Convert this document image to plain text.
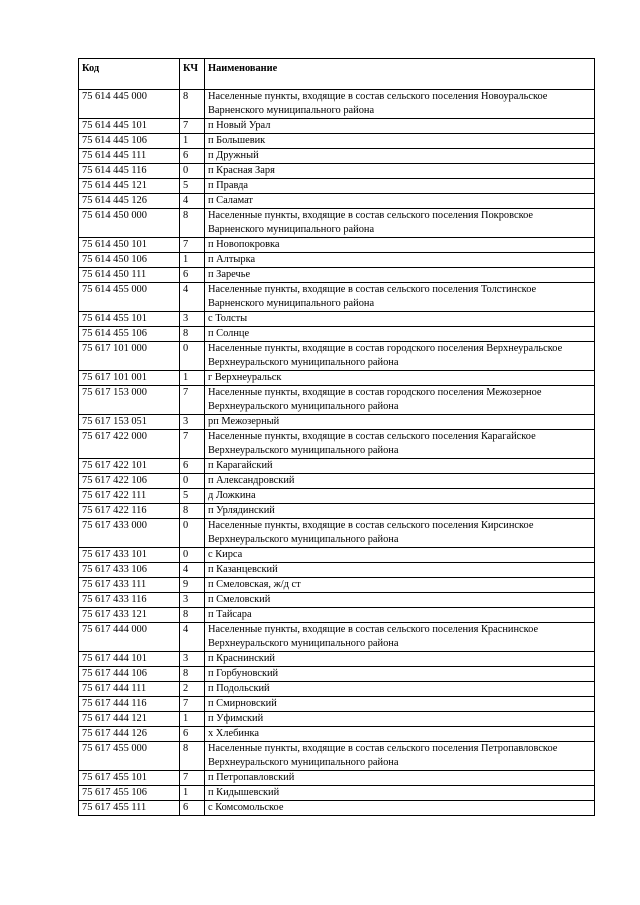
Код	КЧ	Наименование
75 614 445 000	8	Населенные пункты, входящие в состав сельского поселения Новоуральское Варненского муниципального района
75 614 445 101	7	п Новый Урал
75 614 445 106	1	п Большевик
75 614 445 111	6	п Дружный
75 614 445 116	0	п Красная Заря
75 614 445 121	5	п Правда
75 614 445 126	4	п Саламат
75 614 450 000	8	Населенные пункты, входящие в состав сельского поселения Покровское Варненского муниципального района
75 614 450 101	7	п Новопокровка
75 614 450 106	1	п Алтырка
75 614 450 111	6	п Заречье
75 614 455 000	4	Населенные пункты, входящие в состав сельского поселения Толстинское Варненского муниципального района
75 614 455 101	3	с Толсты
75 614 455 106	8	п Солнце
75 617 101 000	0	Населенные пункты, входящие в состав городского поселения Верхнеуральское Верхнеуральского муниципального района
75 617 101 001	1	г Верхнеуральск
75 617 153 000	7	Населенные пункты, входящие в состав городского поселения Межозерное Верхнеуральского муниципального района
75 617 153 051	3	рп Межозерный
75 617 422 000	7	Населенные пункты, входящие в состав сельского поселения Карагайское Верхнеуральского муниципального района
75 617 422 101	6	п Карагайский
75 617 422 106	0	п Александровский
75 617 422 111	5	д Ложкина
75 617 422 116	8	п Урлядинский
75 617 433 000	0	Населенные пункты, входящие в состав сельского поселения Кирсинское Верхнеуральского муниципального района
75 617 433 101	0	с Кирса
75 617 433 106	4	п Казанцевский
75 617 433 111	9	п Смеловская, ж/д ст
75 617 433 116	3	п Смеловский
75 617 433 121	8	п Тайсара
75 617 444 000	4	Населенные пункты, входящие в состав сельского поселения Краснинское Верхнеуральского муниципального района
75 617 444 101	3	п Краснинский
75 617 444 106	8	п Горбуновский
75 617 444 111	2	п Подольский
75 617 444 116	7	п Смирновский
75 617 444 121	1	п Уфимский
75 617 444 126	6	х Хлебинка
75 617 455 000	8	Населенные пункты, входящие в состав сельского поселения Петропавловское Верхнеуральского муниципального района
75 617 455 101	7	п Петропавловский
75 617 455 106	1	п Кидышевский
75 617 455 111	6	с Комсомольское
